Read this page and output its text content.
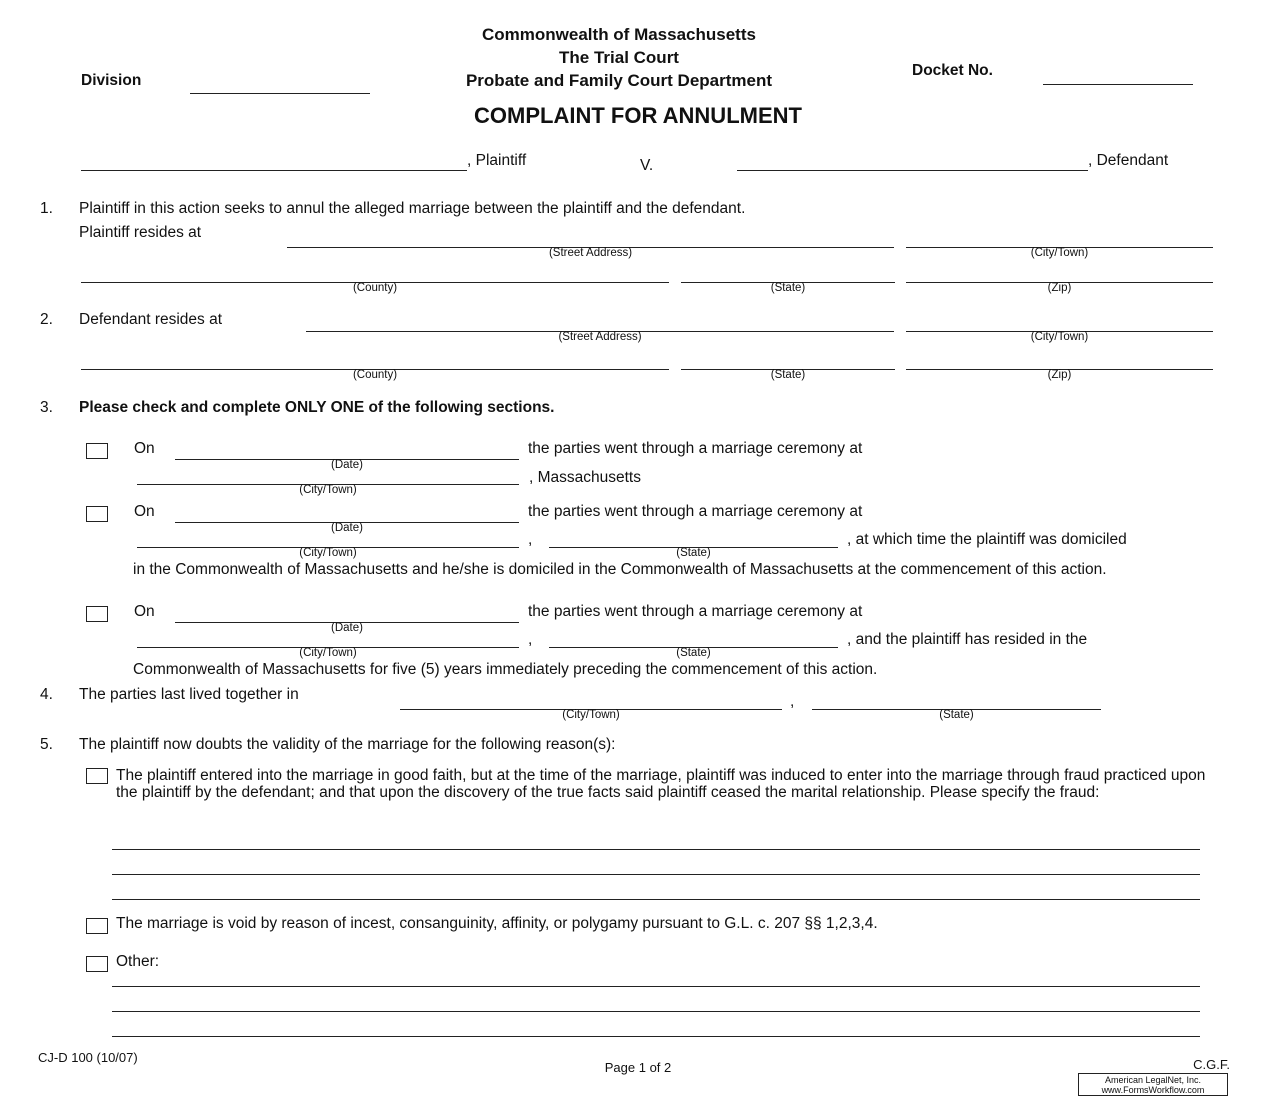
Commonwealth of Massachusetts
The Trial Court
Probate and Family Court Department
Division
Docket No.
COMPLAINT FOR ANNULMENT
, Plaintiff	V.	, Defendant
1. Plaintiff in this action seeks to annul the alleged marriage between the plaintiff and the defendant.
Plaintiff resides at
(Street Address)	(City/Town)
(County)	(State)	(Zip)
2. Defendant resides at
(Street Address)	(City/Town)
(County)	(State)	(Zip)
3. Please check and complete ONLY ONE of the following sections.
On
(Date)
the parties went through a marriage ceremony at
(City/Town)
, Massachusetts
On
(Date)
the parties went through a marriage ceremony at
(City/Town)
,
(State)
, at which time the plaintiff was domiciled
in the Commonwealth of Massachusetts and he/she is domiciled in the Commonwealth of Massachusetts at the commencement of this action.
On
(Date)
the parties went through a marriage ceremony at
(City/Town)
,
(State)
, and the plaintiff has resided in the
Commonwealth of Massachusetts for five (5) years immediately preceding the commencement of this action.
4. The parties last lived together in
(City/Town)
,
(State)
5. The plaintiff now doubts the validity of the marriage for the following reason(s):
The plaintiff entered into the marriage in good faith, but at the time of the marriage, plaintiff was induced to enter into the marriage through fraud practiced upon the plaintiff by the defendant; and that upon the discovery of the true facts said plaintiff ceased the marital relationship. Please specify the fraud:
The marriage is void by reason of incest, consanguinity, affinity, or polygamy pursuant to G.L. c. 207 §§ 1,2,3,4.
Other:
CJ-D 100 (10/07)
Page 1 of 2	C.G.F.
American LegalNet, Inc.
www.FormsWorkflow.com
